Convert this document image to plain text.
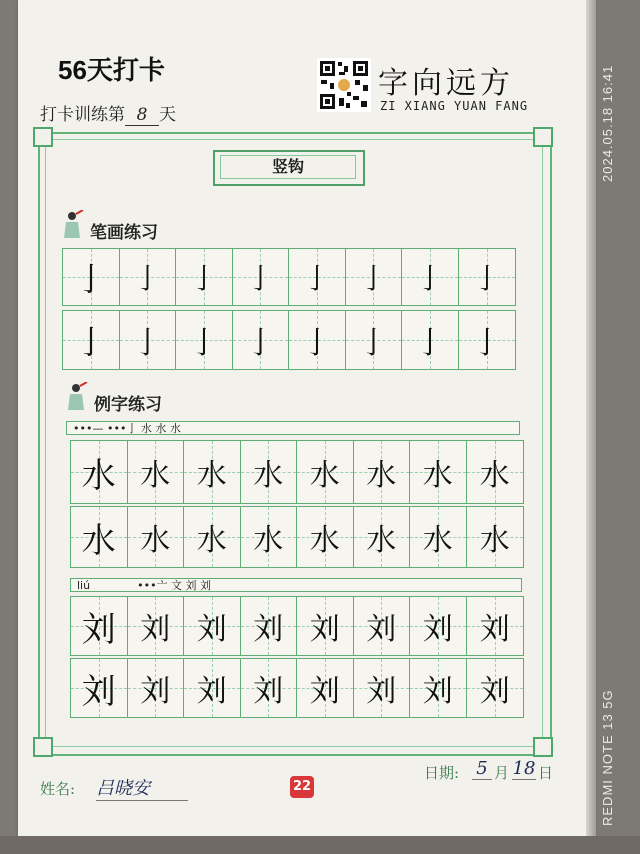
56天打卡
打卡训练第 8 天
字向远方
ZI XIANG YUAN FANG
竖钩
笔画练习
亅 亅	亅	亅	亅	亅	亅	亅
亅 亅 亅 亅 亅 亅 亅 亅
例字练习
•••— •••亅 水 水 水
水 水 水 水 水 水 水 水
水 水 水 水 水 水 水 水
liú	•••亠 文 刘 刘
刘 刘 刘 刘 刘 刘 刘 刘
刘 刘 刘 刘 刘 刘 刘 刘
姓名: 吕晓安	22
日期: 5 月 18 日
2024.05.18 16:41
REDMI NOTE 13 5G
